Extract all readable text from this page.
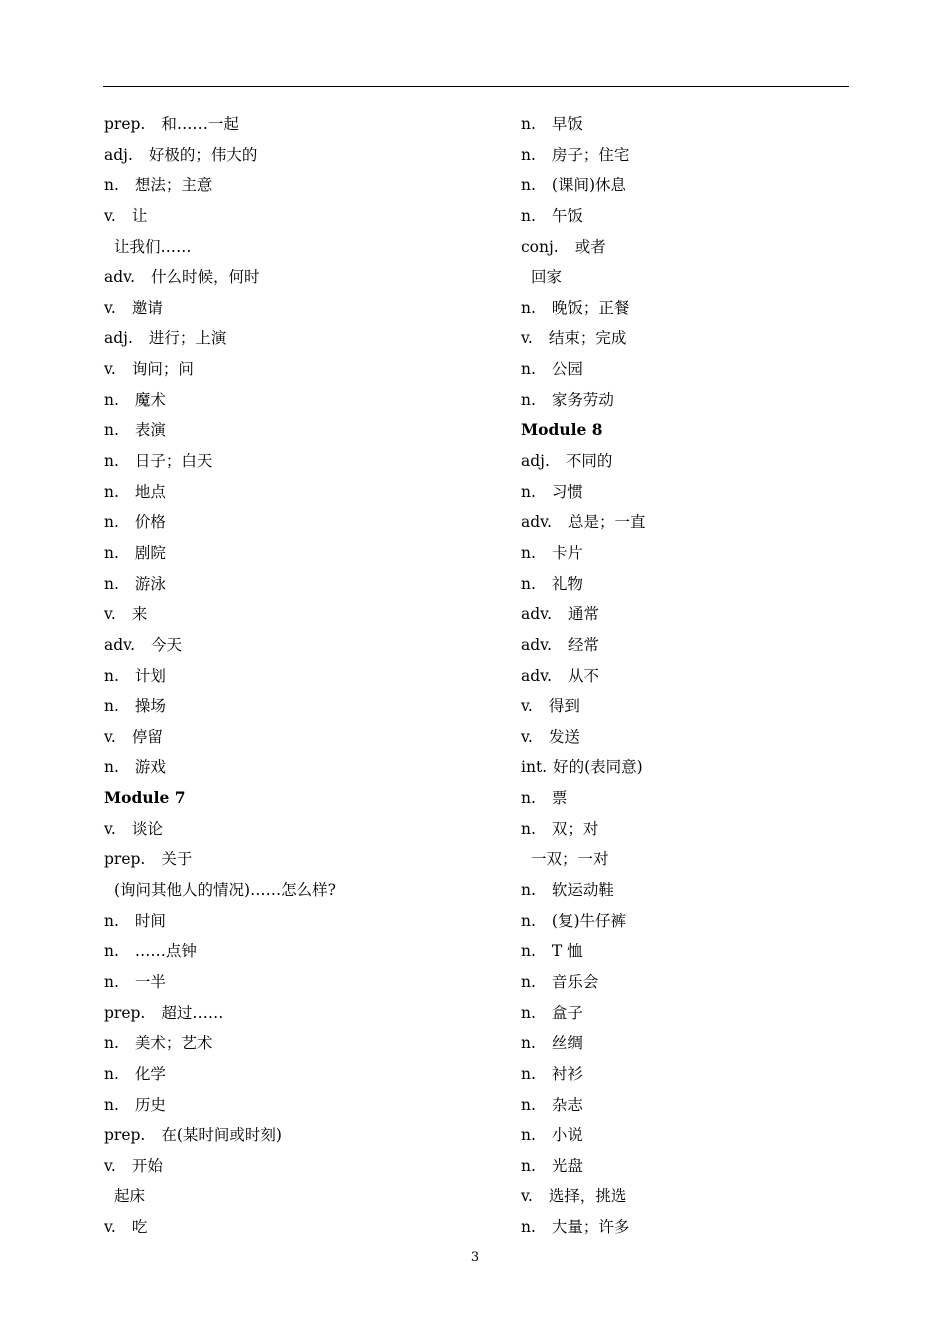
prep. 和……一起
adj. 好极的；伟大的
n. 想法；主意
v. 让
让我们……
adv. 什么时候，何时
v. 邀请
adj. 进行；上演
v. 询问；问
n. 魔术
n. 表演
n. 日子；白天
n. 地点
n. 价格
n. 剧院
n. 游泳
v. 来
adv. 今天
n. 计划
n. 操场
v. 停留
n. 游戏
Module 7
v. 谈论
prep. 关于
(询问其他人的情况)……怎么样?
n. 时间
n. ……点钟
n. 一半
prep. 超过……
n. 美术；艺术
n. 化学
n. 历史
prep. 在(某时间或时刻)
v. 开始
起床
v. 吃
n. 早饭
n. 房子；住宅
n. (课间)休息
n. 午饭
conj. 或者
回家
n. 晚饭；正餐
v. 结束；完成
n. 公园
n. 家务劳动
Module 8
adj. 不同的
n. 习惯
adv. 总是；一直
n. 卡片
n. 礼物
adv. 通常
adv. 经常
adv. 从不
v. 得到
v. 发送
int. 好的(表同意)
n. 票
n. 双；对
一双；一对
n. 软运动鞋
n. (复)牛仔裤
n. T 恤
n. 音乐会
n. 盒子
n. 丝绸
n. 衬衫
n. 杂志
n. 小说
n. 光盘
v. 选择，挑选
n. 大量；许多
3
